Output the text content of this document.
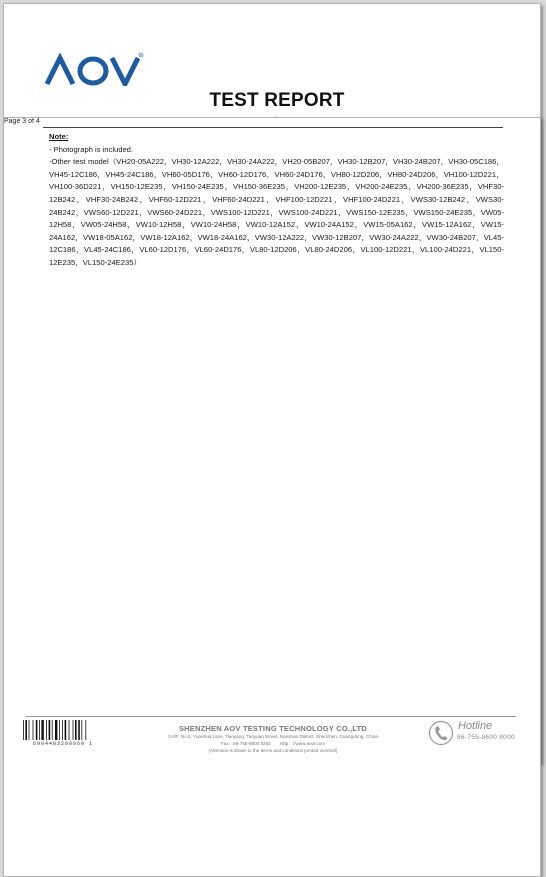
R
TEST REPORT
Page 3 of 4
Note:
- Photograph is included.
-Other test model（VH20-05A222，VH30-12A222，VH30-24A222，VH20-05B207，VH30-12B207，VH30-24B207，VH30-05C186，VH45-12C186，VH45-24C186，VH60-05D176，VH60-12D176，VH60-24D176，VH80-12D206，VH80-24D206，VH100-12D221，VH100-36D221，VH150-12E235，VH150-24E235，VH150-36E235，VH200-12E235，VH200-24E235，VH200-36E235，VHF30-12B242，VHF30-24B242，VHF60-12D221，VHF60-24D221，VHF100-12D221，VHF100-24D221，VWS30-12B242，VWS30-24B242，VWS60-12D221，VWS60-24D221，VWS100-12D221，VWS100-24D221，VWS150-12E235，VWS150-24E235，VW05-12H58，VW05-24H58，VW10-12H58，VW10-24H58，VW10-12A152，VW10-24A152，VW15-05A162，VW15-12A162，VW15-24A162，VW18-05A162，VW18-12A162，VW18-24A162，VW30-12A222，VW30-12B207，VW30-24A222，VW30-24B207，VL45-12C186，VL45-24C186，VL60-12D176，VL60-24D176，VL80-12D206，VL80-24D206，VL100-12D221，VL100-24D221，VL150-12E235，VL150-24E235）
6904403200960 1
SHENZHEN AOV TESTING TECHNOLOGY CO.,LTD
2-6/F, No.5, Yuanhua Lane, Tianyang, Taoyuan Street, Nanshan District, Shenzhen, Guangdong, China
Fax：86-755-8600 8282　　Http：//www.aovt.com
(Attention is drawn to the terms and conditions printed overleaf)
Hotline
86-755-8600 8000
